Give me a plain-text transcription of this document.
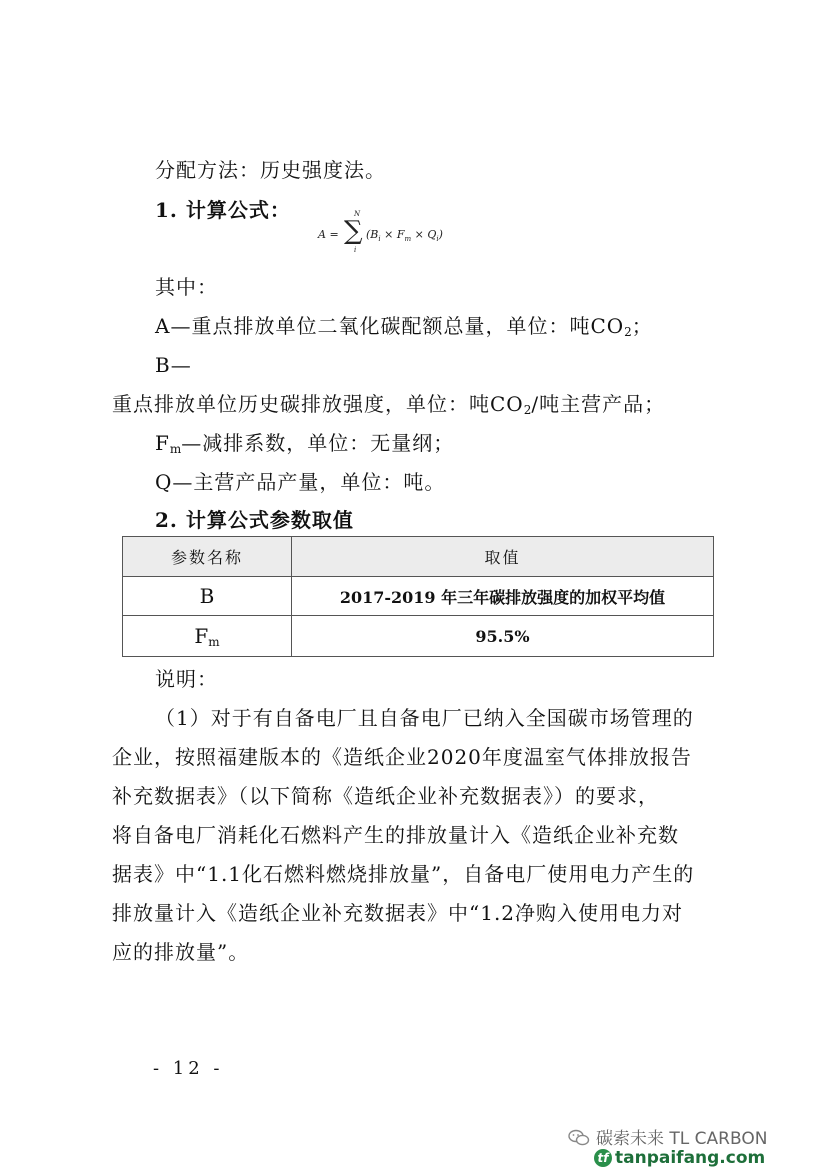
分配方法：历史强度法。
1. 计算公式：
A = ∑
N
i
$(B_i \times F_m \times Q_i)$
其中：
A—重点排放单位二氧化碳配额总量，单位：吨$CO_2$；
B—
重点排放单位历史碳排放强度，单位：吨$CO_2/$吨主营产品；
$F_m—$减排系数，单位：无量纲；
Q—主营产品产量，单位：吨。
2. 计算公式参数取值
参数名称	取值
B	2017-2019 年三年碳排放强度的加权平均值
$F_m$	95.5%
说明：
（1）对于有自备电厂且自备电厂已纳入全国碳市场管理的
企业，按照福建版本的《造纸企业2020年度温室气体排放报告
补充数据表》（以下简称《造纸企业补充数据表》）的要求，
将自备电厂消耗化石燃料产生的排放量计入《造纸企业补充数
据表》中“1.1化石燃料燃烧排放量”，自备电厂使用电力产生的
排放量计入《造纸企业补充数据表》中“1.2净购入使用电力对
应的排放量”。
- 12 -
碳索未来 TL CARBON
tf tanpaifang.com
